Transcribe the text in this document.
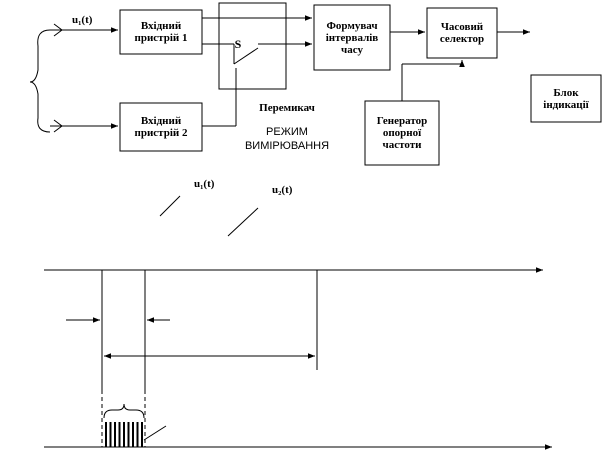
Вхідний
пристрій 1
Вхідний
пристрій 2
S
Формувач
інтервалів
часу
Часовий
селектор
Генератор
опорної
частоти
Блок
індикації
u₁(t)
Перемикач
РЕЖИМ
ВИМІРЮВАННЯ
u₁(t)	u₂(t)
